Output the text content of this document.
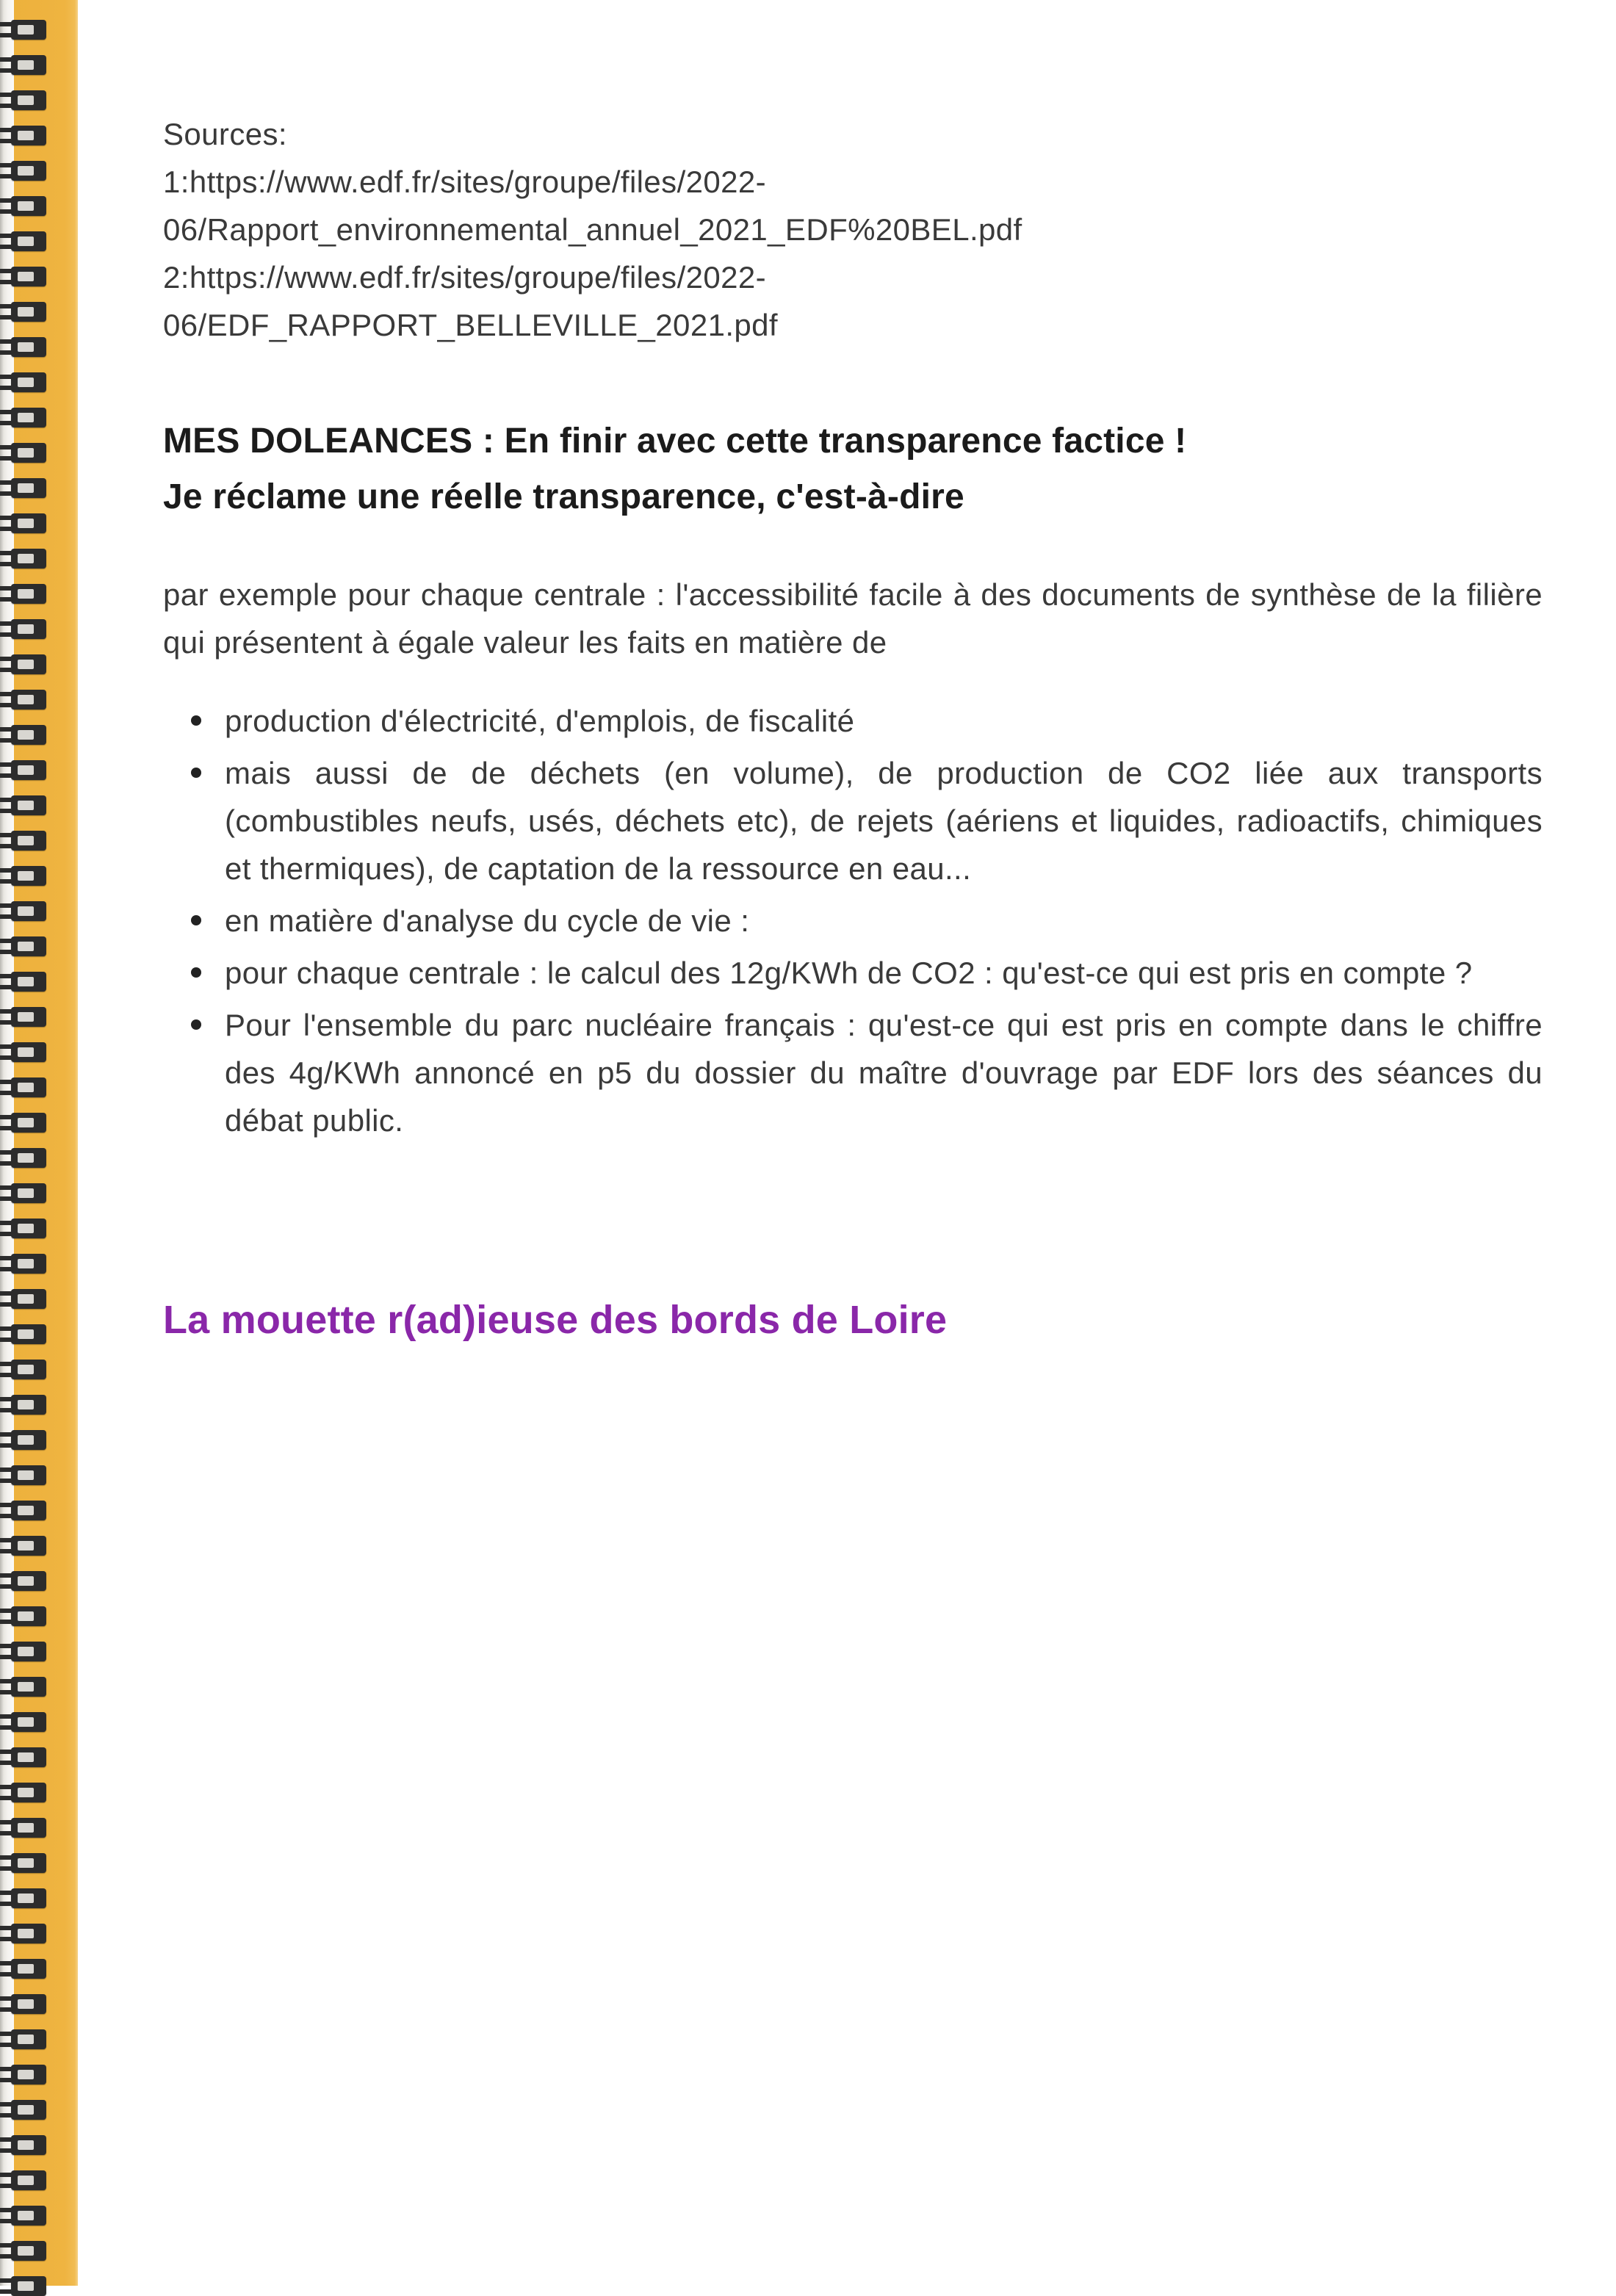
Sources:
1:https://www.edf.fr/sites/groupe/files/2022-
06/Rapport_environnemental_annuel_2021_EDF%20BEL.pdf
2:https://www.edf.fr/sites/groupe/files/2022-
06/EDF_RAPPORT_BELLEVILLE_2021.pdf
MES DOLEANCES : En finir avec cette transparence factice !
Je réclame une réelle transparence, c'est-à-dire

par exemple pour chaque centrale : l'accessibilité facile à des documents de synthèse de la filière qui présentent à égale valeur les faits en matière de

production d'électricité, d'emplois, de fiscalité
mais aussi de de déchets (en volume), de production de CO2 liée aux transports (combustibles neufs, usés, déchets etc), de rejets (aériens et liquides, radioactifs, chimiques et thermiques), de captation de la ressource en eau...
en matière d'analyse du cycle de vie :
pour chaque centrale : le calcul des 12g/KWh de CO2 : qu'est-ce qui est pris en compte ?
Pour l'ensemble du parc nucléaire français : qu'est-ce qui est pris en compte dans le chiffre des 4g/KWh annoncé en p5 du dossier du maître d'ouvrage par EDF lors des séances du débat public.
La mouette r(ad)ieuse des bords de Loire
